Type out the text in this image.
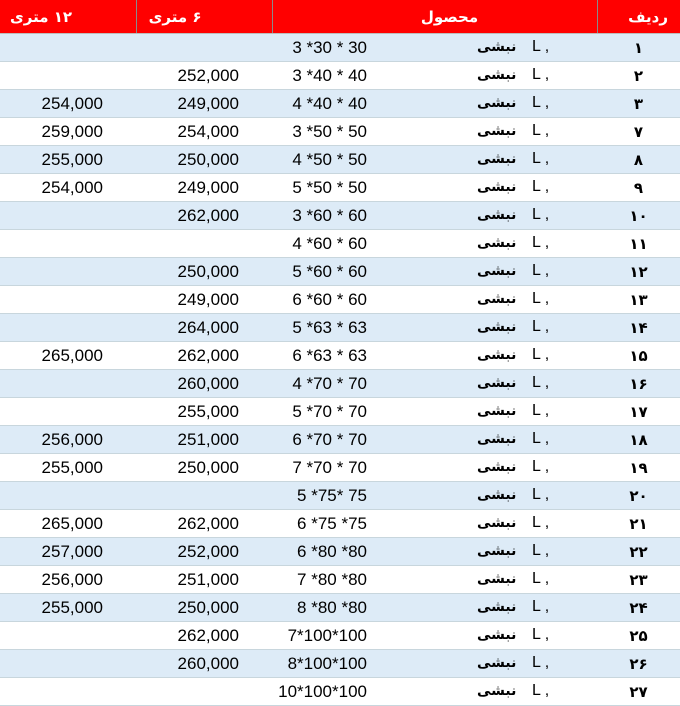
۱۲ متری	۶ متری	محصول	ردیف

		3 *30 * 30 نبشی L ,	۱
	252,000	3 *40 * 40 نبشی L ,	۲
254,000	249,000	4 *40 * 40 نبشی L ,	۳
259,000	254,000	3 *50 * 50 نبشی L ,	۷
255,000	250,000	4 *50 * 50 نبشی L ,	۸
254,000	249,000	5 *50 * 50 نبشی L ,	۹
	262,000	3 *60 * 60 نبشی L ,	۱۰

		4 *60 * 60 نبشی L ,	۱۱
	250,000	5 *60 * 60 نبشی L ,	۱۲
	249,000	6 *60 * 60 نبشی L ,	۱۳
	264,000	5 *63 * 63 نبشی L ,	۱۴
265,000	262,000	6 *63 * 63 نبشی L ,	۱۵
	260,000	4 *70 * 70 نبشی L ,	۱۶
	255,000	5 *70 * 70 نبشی L ,	۱۷
256,000	251,000	6 *70 * 70 نبشی L ,	۱۸
255,000	250,000	7 *70 * 70 نبشی L ,	۱۹

		5 *75* 75 نبشی L ,	۲۰
265,000	262,000	6 *75 *75 نبشی L ,	۲۱
257,000	252,000	6 *80 *80 نبشی L ,	۲۲
256,000	251,000	7 *80 *80 نبشی L ,	۲۳
255,000	250,000	8 *80 *80 نبشی L ,	۲۴
	262,000	7*100*100 نبشی L ,	۲۵
	260,000	8*100*100 نبشی L ,	۲۶

		10*100*100 نبشی L ,	۲۷
